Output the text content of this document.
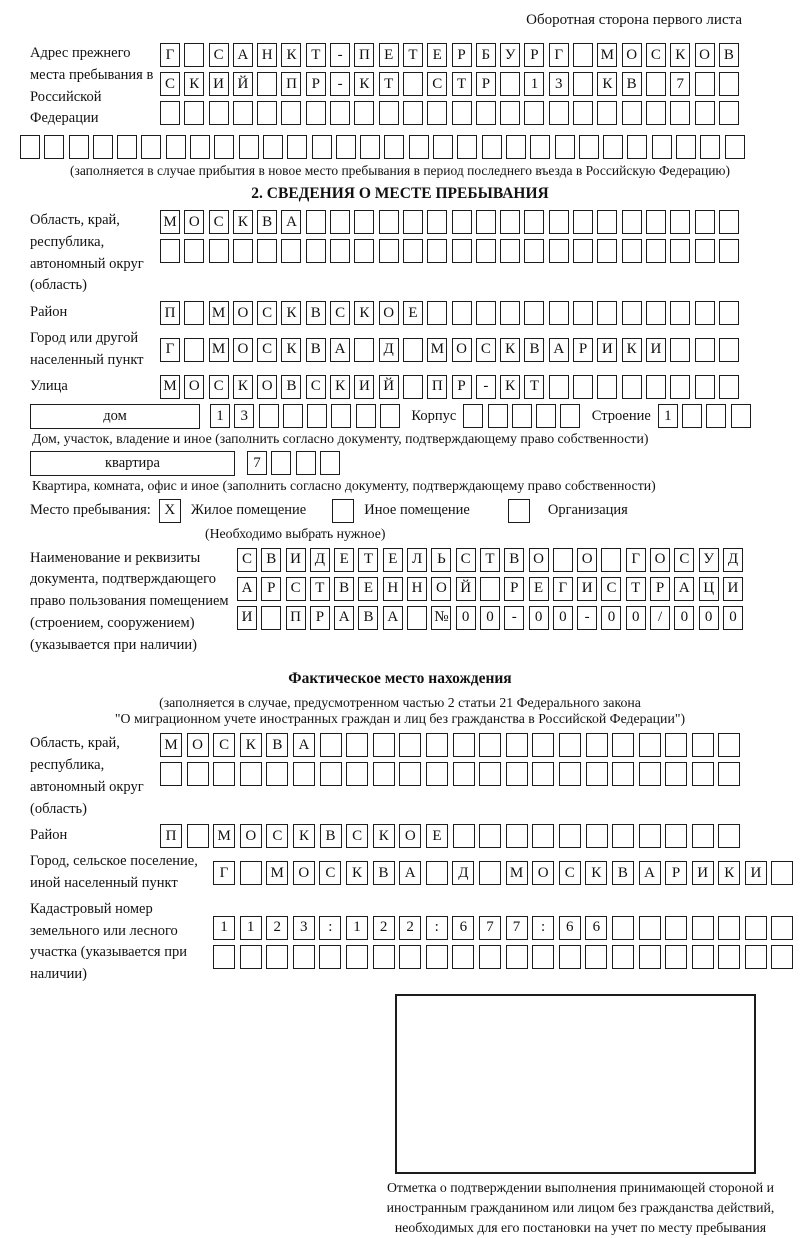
Оборотная сторона первого листа
Адрес прежнего места пребывания в Российской Федерации
Г	С А Н К Т	-	П Е	Т	Е	Р	Б У Р	Г	М О С К О В
С К И Й	П Р	-	К Т	С Т	Р	1	3	К В	7
(заполняется в случае прибытия в новое место пребывания в период последнего въезда в Российскую Федерацию)
2. СВЕДЕНИЯ О МЕСТЕ ПРЕБЫВАНИЯ
Область, край, республика, автономный округ (область)
М О С К В А
Район	П	М О С К В С К О Е
Город или другой населенный пункт
Г	М О С К В А	Д	М О С К В А Р И К И
Улица	М О С К О В С К И Й	П Р	-	К Т
дом	1	3	Корпус	Строение 1
Дом, участок, владение и иное (заполнить согласно документу, подтверждающему право собственности)
квартира	7
Квартира, комната, офис и иное (заполнить согласно документу, подтверждающему право собственности)
Место пребывания: X	Жилое помещение	Иное помещение	Организация
(Необходимо выбрать нужное)
Наименование и реквизиты документа, подтверждающего право пользования помещением (строением, сооружением) (указывается при наличии)
С В И Д Е	Т	Е Л Ь С Т В О	О	Г О С У Д
А Р	С Т В Е Н Н О Й	Р	Е	Г И С Т	Р А Ц И
И	П Р А В А	№ 0	0	-	0	0	-	0	0	/	0	0	0
Фактическое место нахождения
(заполняется в случае, предусмотренном частью 2 статьи 21 Федерального закона
"О миграционном учете иностранных граждан и лиц без гражданства в Российской Федерации")
Область, край, республика, автономный округ (область)
М О	С	К	В	А
Район	П	М О	С	К	В	С	К	О	Е
Город, сельское поселение, иной населенный пункт
Г	М О	С	К	В	А	Д	М О	С	К	В	А	Р	И	К	И
Кадастровый номер земельного или лесного участка (указывается при наличии)
1	1	2	3	:	1	2	2	:	6	7	7	:	6	6
Отметка о подтверждении выполнения принимающей стороной и иностранным гражданином или лицом без гражданства действий, необходимых для его постановки на учет по месту пребывания
